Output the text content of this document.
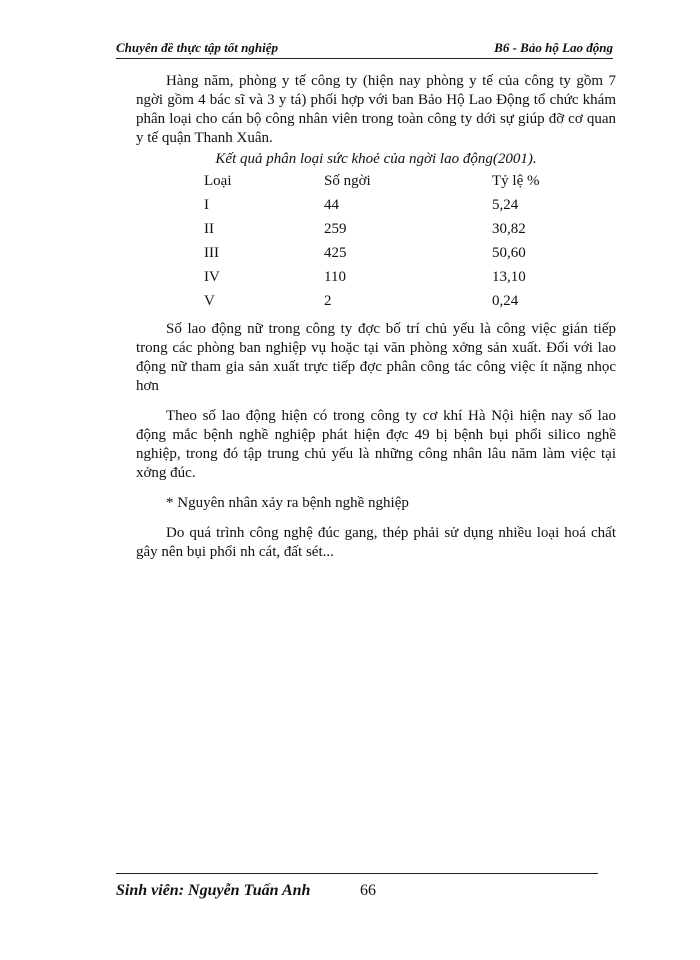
Chuyên đề thực tập tốt nghiệp	B6 - Bảo hộ Lao động

Hàng năm, phòng y tế công ty (hiện nay phòng y tế của công ty gồm 7 ngời gồm 4 bác sĩ và 3 y tá) phối hợp với ban Bảo Hộ Lao Động tổ chức khám phân loại cho cán bộ công nhân viên trong toàn công ty dới sự giúp đỡ cơ quan y tế quận Thanh Xuân.

Kết quả phân loại sức khoẻ của ngời lao động(2001).
Loại	Số ngời	Tỷ lệ %
I	44	5,24
II	259	30,82
III	425	50,60
IV	110	13,10
V	2	0,24

Số lao động nữ trong công ty đợc bố trí chủ yếu là công việc gián tiếp trong các phòng ban nghiệp vụ hoặc tại văn phòng xởng sản xuất. Đối với lao động nữ tham gia sản xuất trực tiếp đợc phân công tác công việc ít nặng nhọc hơn

Theo số lao động hiện có trong công ty cơ khí Hà Nội hiện nay số lao động mắc bệnh nghề nghiệp phát hiện đợc 49 bị bệnh bụi phổi silico nghề nghiệp, trong đó tập trung chủ yếu là những công nhân lâu năm làm việc tại xởng đúc.

* Nguyên nhân xảy ra bệnh nghề nghiệp

Do quá trình công nghệ đúc gang, thép phải sử dụng nhiều loại hoá chất gây nên bụi phổi nh cát, đất sét...

Sinh viên: Nguyễn Tuấn Anh	66
